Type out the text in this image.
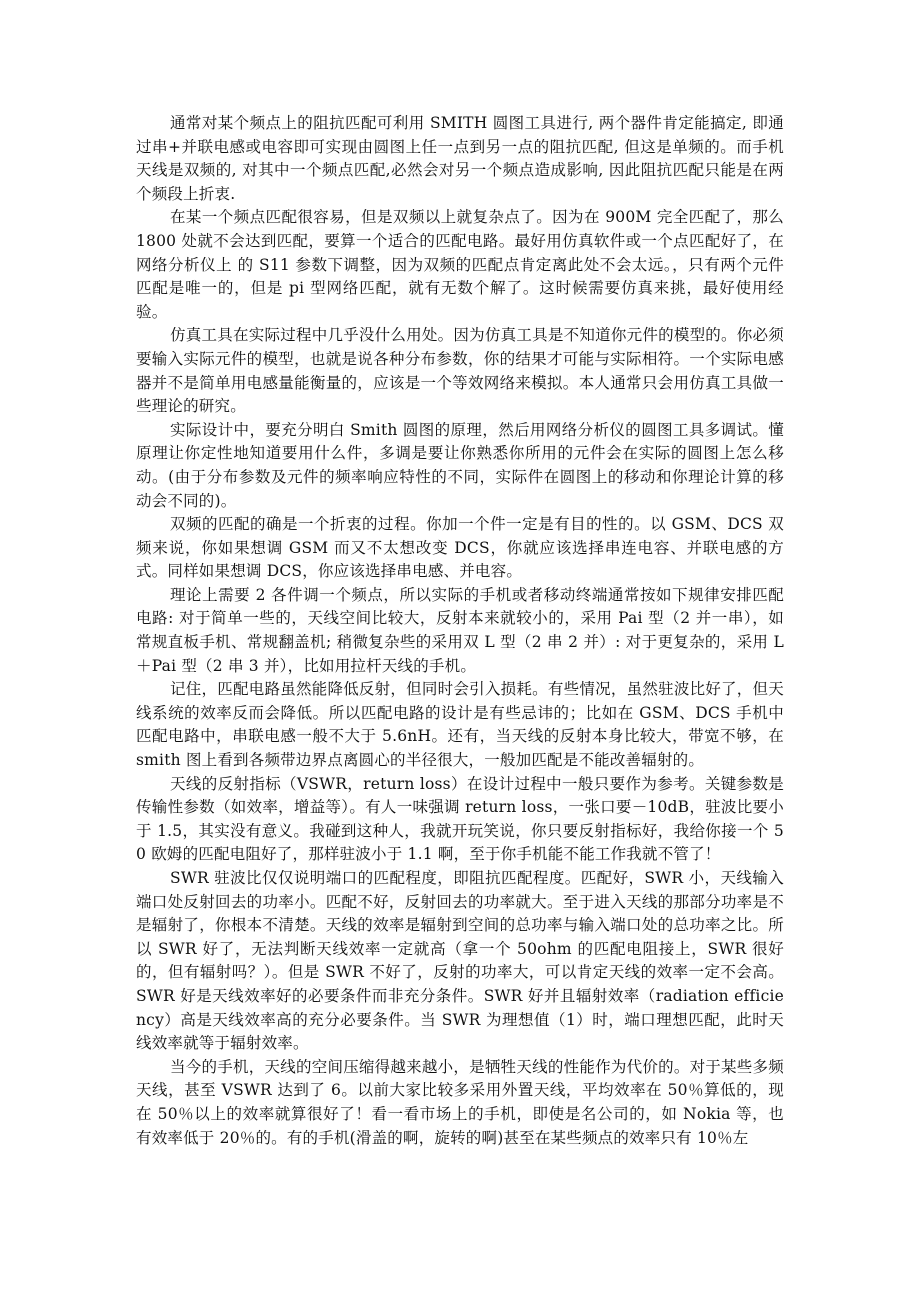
通常对某个频点上的阻抗匹配可利用 SMITH 圆图工具进行, 两个器件肯定能搞定, 即通过串+并联电感或电容即可实现由圆图上任一点到另一点的阻抗匹配, 但这是单频的。而手机天线是双频的, 对其中一个频点匹配,必然会对另一个频点造成影响, 因此阻抗匹配只能是在两个频段上折衷.

在某一个频点匹配很容易，但是双频以上就复杂点了。因为在 900M 完全匹配了，那么 1800 处就不会达到匹配，要算一个适合的匹配电路。最好用仿真软件或一个点匹配好了，在 网络分析仪上 的 S11 参数下调整，因为双频的匹配点肯定离此处不会太远。，只有两个元件匹配是唯一的，但是 pi 型网络匹配，就有无数个解了。这时候需要仿真来挑，最好使用经验。

仿真工具在实际过程中几乎没什么用处。因为仿真工具是不知道你元件的模型的。你必须要输入实际元件的模型，也就是说各种分布参数，你的结果才可能与实际相符。一个实际电感器并不是简单用电感量能衡量的，应该是一个等效网络来模拟。本人通常只会用仿真工具做一些理论的研究。

实际设计中，要充分明白 Smith 圆图的原理，然后用网络分析仪的圆图工具多调试。懂原理让你定性地知道要用什么件，多调是要让你熟悉你所用的元件会在实际的圆图上怎么移动。(由于分布参数及元件的频率响应特性的不同，实际件在圆图上的移动和你理论计算的移动会不同的)。

双频的匹配的确是一个折衷的过程。你加一个件一定是有目的性的。以 GSM、DCS 双频来说，你如果想调 GSM 而又不太想改变 DCS，你就应该选择串连电容、并联电感的方式。同样如果想调 DCS，你应该选择串电感、并电容。

理论上需要 2 各件调一个频点，所以实际的手机或者移动终端通常按如下规律安排匹配电路: 对于简单一些的，天线空间比较大，反射本来就较小的，采用 Pai 型（2 并一串），如常规直板手机、常规翻盖机; 稍微复杂些的采用双 L 型（2 串 2 并）: 对于更复杂的，采用 L＋Pai 型（2 串 3 并），比如用拉杆天线的手机。

记住，匹配电路虽然能降低反射，但同时会引入损耗。有些情况，虽然驻波比好了，但天线系统的效率反而会降低。所以匹配电路的设计是有些忌讳的；比如在 GSM、DCS 手机中匹配电路中，串联电感一般不大于 5.6nH。还有，当天线的反射本身比较大，带宽不够，在 smith 图上看到各频带边界点离圆心的半径很大，一般加匹配是不能改善辐射的。

天线的反射指标（VSWR，return loss）在设计过程中一般只要作为参考。关键参数是传输性参数（如效率，增益等）。有人一味强调 return loss，一张口要－10dB，驻波比要小于 1.5，其实没有意义。我碰到这种人，我就开玩笑说，你只要反射指标好，我给你接一个 50 欧姆的匹配电阻好了，那样驻波小于 1.1 啊，至于你手机能不能工作我就不管了！

SWR 驻波比仅仅说明端口的匹配程度，即阻抗匹配程度。匹配好，SWR 小，天线输入端口处反射回去的功率小。匹配不好，反射回去的功率就大。至于进入天线的那部分功率是不是辐射了，你根本不清楚。天线的效率是辐射到空间的总功率与输入端口处的总功率之比。所以 SWR 好了，无法判断天线效率一定就高（拿一个 50ohm 的匹配电阻接上，SWR 很好的，但有辐射吗？）。但是 SWR 不好了，反射的功率大，可以肯定天线的效率一定不会高。SWR 好是天线效率好的必要条件而非充分条件。SWR 好并且辐射效率（radiation efficiency）高是天线效率高的充分必要条件。当 SWR 为理想值（1）时，端口理想匹配，此时天线效率就等于辐射效率。

当今的手机，天线的空间压缩得越来越小，是牺牲天线的性能作为代价的。对于某些多频天线，甚至 VSWR 达到了 6。以前大家比较多采用外置天线，平均效率在 50％算低的，现在 50％以上的效率就算很好了！看一看市场上的手机，即使是名公司的，如 Nokia 等，也有效率低于 20％的。有的手机(滑盖的啊，旋转的啊)甚至在某些频点的效率只有 10％左
